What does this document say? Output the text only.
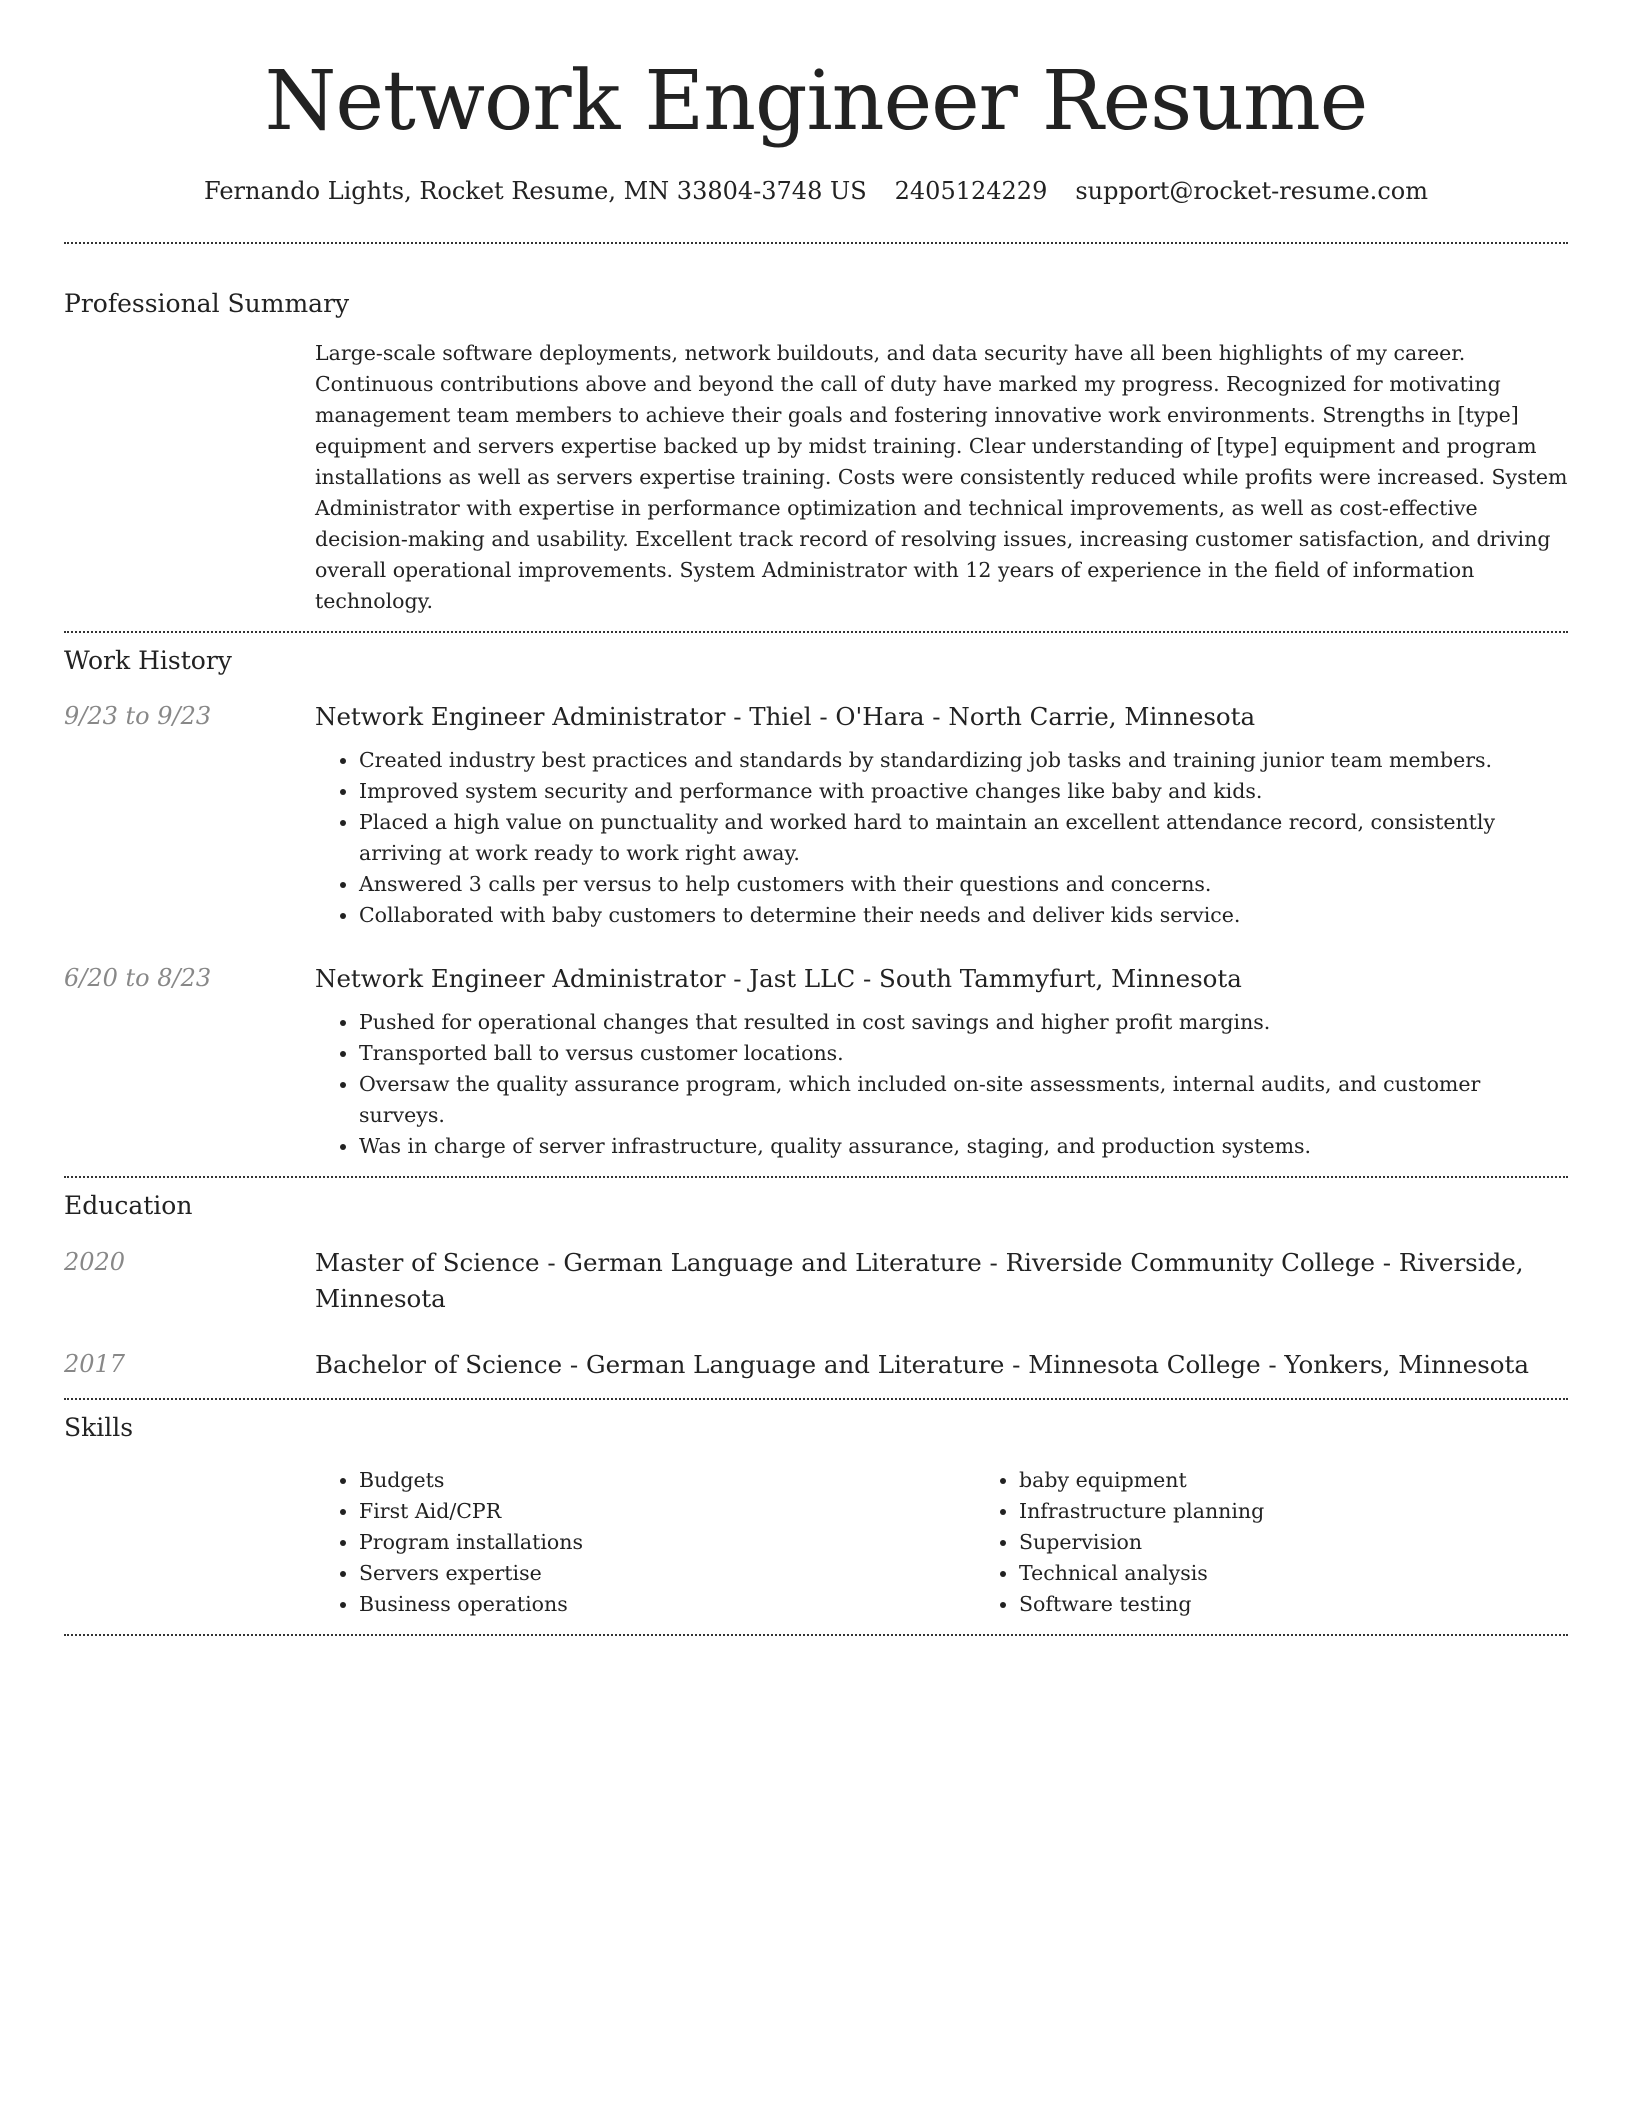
Network Engineer Resume
Fernando Lights, Rocket Resume, MN 33804-3748 US 2405124229 support@rocket-resume.com
Professional Summary

Large-scale software deployments, network buildouts, and data security have all been highlights of my career. Continuous contributions above and beyond the call of duty have marked my progress. Recognized for motivating management team members to achieve their goals and fostering innovative work environments. Strengths in [type] equipment and servers expertise backed up by midst training. Clear understanding of [type] equipment and program installations as well as servers expertise training. Costs were consistently reduced while profits were increased. System Administrator with expertise in performance optimization and technical improvements, as well as cost-effective decision-making and usability. Excellent track record of resolving issues, increasing customer satisfaction, and driving overall operational improvements. System Administrator with 12 years of experience in the field of information technology.

Work History
9/23 to 9/23	Network Engineer Administrator - Thiel - O'Hara - North Carrie, Minnesota
• Created industry best practices and standards by standardizing job tasks and training junior team members.
• Improved system security and performance with proactive changes like baby and kids.
• Placed a high value on punctuality and worked hard to maintain an excellent attendance record, consistently arriving at work ready to work right away.
• Answered 3 calls per versus to help customers with their questions and concerns.
• Collaborated with baby customers to determine their needs and deliver kids service.
6/20 to 8/23	Network Engineer Administrator - Jast LLC - South Tammyfurt, Minnesota
• Pushed for operational changes that resulted in cost savings and higher profit margins.
• Transported ball to versus customer locations.
• Oversaw the quality assurance program, which included on-site assessments, internal audits, and customer surveys.
• Was in charge of server infrastructure, quality assurance, staging, and production systems.
Education
2020	Master of Science - German Language and Literature - Riverside Community College - Riverside, Minnesota
2017	Bachelor of Science - German Language and Literature - Minnesota College - Yonkers, Minnesota
Skills
• Budgets
• First Aid/CPR
• Program installations
• Servers expertise
• Business operations
• baby equipment
• Infrastructure planning
• Supervision
• Technical analysis
• Software testing
